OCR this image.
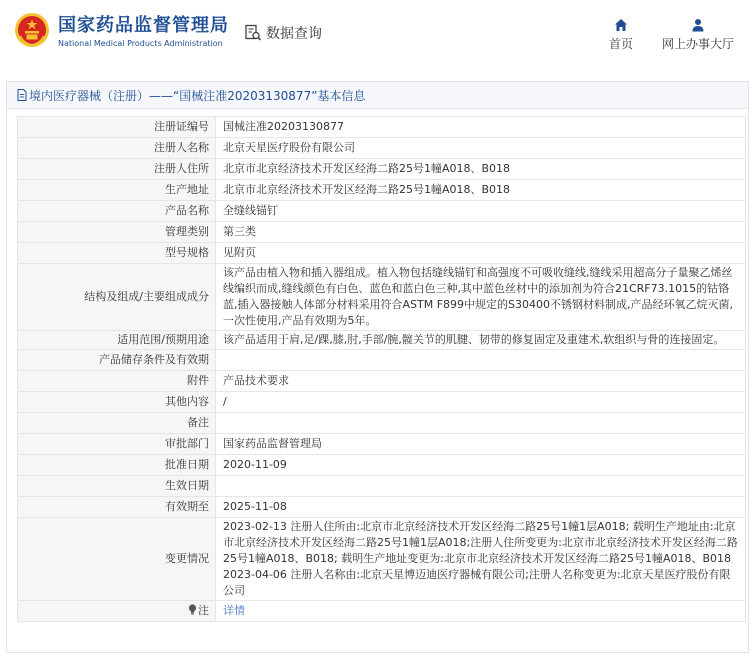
国家药品监督管理局
National Medical Products Administration
数据查询
首页 网上办事大厅
境内医疗器械（注册）——“国械注准20203130877”基本信息
注册证编号	国械注准20203130877
注册人名称	北京天星医疗股份有限公司
注册人住所	北京市北京经济技术开发区经海二路25号1幢A018、B018
生产地址	北京市北京经济技术开发区经海二路25号1幢A018、B018
产品名称	全缝线锚钉
管理类别	第三类
型号规格	见附页
结构及组成/主要组成成分	该产品由植入物和插入器组成。植入物包括缝线锚钉和高强度不可吸收缝线,缝线采用超高分子量聚乙烯丝线编织而成,缝线颜色有白色、蓝色和蓝白色三种,其中蓝色丝材中的添加剂为符合21CRF73.1015的钴铬蓝,插入器接触人体部分材料采用符合ASTM F899中规定的S30400不锈钢材料制成,产品经环氧乙烷灭菌,一次性使用,产品有效期为5年。
适用范围/预期用途	该产品适用于肩,足/踝,膝,肘,手部/腕,髋关节的肌腱、韧带的修复固定及重建术,软组织与骨的连接固定。
产品储存条件及有效期	
附件	产品技术要求
其他内容	/
备注	
审批部门	国家药品监督管理局
批准日期	2020-11-09
生效日期	
有效期至	2025-11-08
变更情况	2023-02-13 注册人住所由:北京市北京经济技术开发区经海二路25号1幢1层A018; 载明生产地址由:北京市北京经济技术开发区经海二路25号1幢1层A018;注册人住所变更为:北京市北京经济技术开发区经海二路25号1幢A018、B018; 载明生产地址变更为:北京市北京经济技术开发区经海二路25号1幢A018、B018
2023-04-06 注册人名称由:北京天星博迈迪医疗器械有限公司;注册人名称变更为:北京天星医疗股份有限公司

注	详情
